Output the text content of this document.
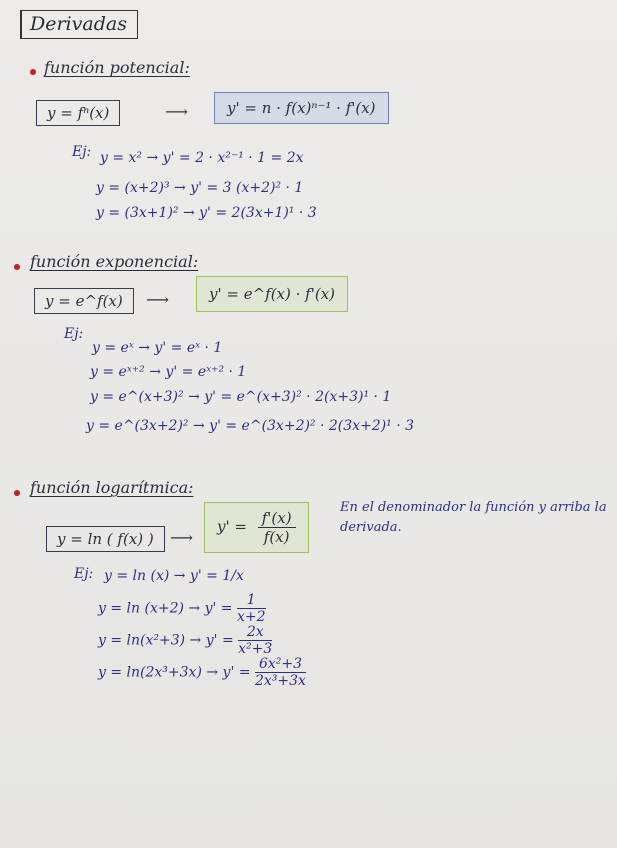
Derivadas
función potencial:
y = fⁿ(x)	⟶	y' = n · f(x)ⁿ⁻¹ · f'(x)
Ej: y = x² → y' = 2 · x²⁻¹ · 1 = 2x
y = (x+2)³ → y' = 3 (x+2)² · 1
y = (3x+1)² → y' = 2(3x+1)¹ · 3
función exponencial:
y = e^f(x)	⟶	y' = e^f(x) · f'(x)
Ej:
y = eˣ → y' = eˣ · 1
y = eˣ⁺² → y' = eˣ⁺² · 1
y = e^(x+3)² → y' = e^(x+3)² · 2(x+3)¹ · 1
y = e^(3x+2)² → y' = e^(3x+2)² · 2(3x+2)¹ · 3
función logarítmica:
y = ln ( f(x) )	⟶
$y' = \frac{f'(x)}{f(x)}$
En el denominador la función y arriba la derivada.
Ej: y = ln (x) → y' = 1/x
$y = \ln (x+2) \to y' = \frac{1}{x+2}$
$y = \ln(x^2+3) \to y' = \frac{2x}{\text{x²+3}}$
$y = \ln(2x^3+3x) \to y' = \frac{\text{6x²+3}}{\text{2x³+3x}}$
